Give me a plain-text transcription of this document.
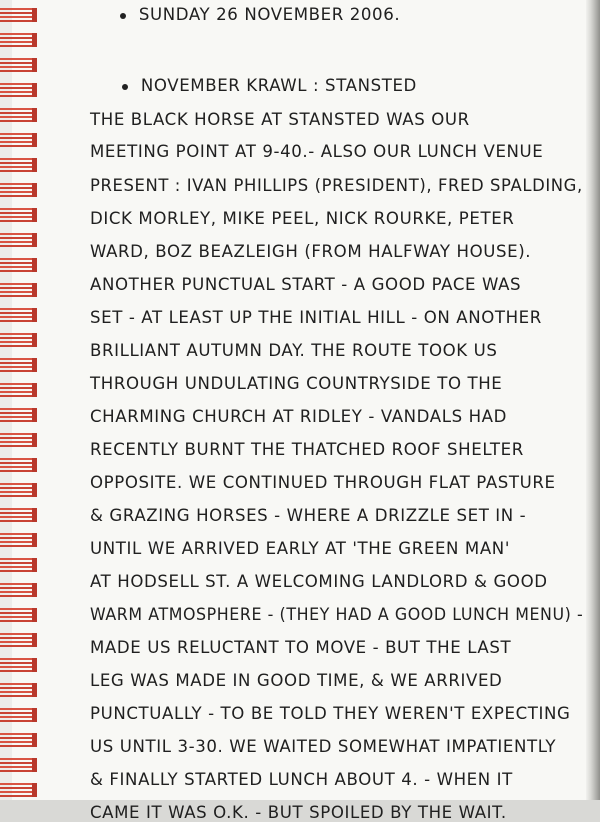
SUNDAY 26 NOVEMBER 2006.
NOVEMBER KRAWL : STANSTED
THE BLACK HORSE AT STANSTED WAS OUR
MEETING POINT AT 9-40.- ALSO OUR LUNCH VENUE
PRESENT : IVAN PHILLIPS (PRESIDENT), FRED SPALDING,
DICK MORLEY, MIKE PEEL, NICK ROURKE, PETER
WARD, BOZ BEAZLEIGH (FROM HALFWAY HOUSE).
ANOTHER PUNCTUAL START - A GOOD PACE WAS
SET - AT LEAST UP THE INITIAL HILL - ON ANOTHER
BRILLIANT AUTUMN DAY. THE ROUTE TOOK US
THROUGH UNDULATING COUNTRYSIDE TO THE
CHARMING CHURCH AT RIDLEY - VANDALS HAD
RECENTLY BURNT THE THATCHED ROOF SHELTER
OPPOSITE. WE CONTINUED THROUGH FLAT PASTURE
& GRAZING HORSES - WHERE A DRIZZLE SET IN -
UNTIL WE ARRIVED EARLY AT 'THE GREEN MAN'
AT HODSELL ST. A WELCOMING LANDLORD & GOOD
WARM ATMOSPHERE - (THEY HAD A GOOD LUNCH MENU) -
MADE US RELUCTANT TO MOVE - BUT THE LAST
LEG WAS MADE IN GOOD TIME, & WE ARRIVED
PUNCTUALLY - TO BE TOLD THEY WEREN'T EXPECTING
US UNTIL 3-30. WE WAITED SOMEWHAT IMPATIENTLY
& FINALLY STARTED LUNCH ABOUT 4. - WHEN IT
CAME IT WAS O.K. - BUT SPOILED BY THE WAIT.
